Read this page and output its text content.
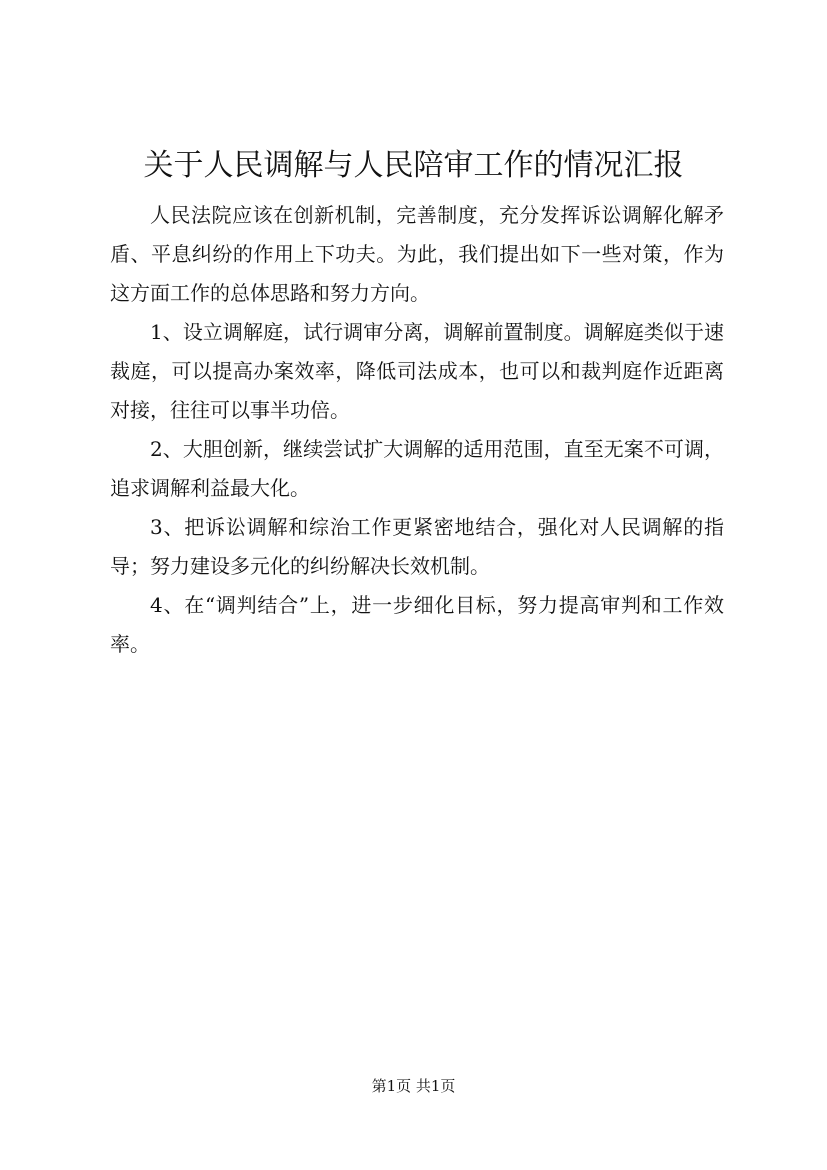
关于人民调解与人民陪审工作的情况汇报

人民法院应该在创新机制，完善制度，充分发挥诉讼调解化解矛盾、平息纠纷的作用上下功夫。为此，我们提出如下一些对策，作为这方面工作的总体思路和努力方向。

1、设立调解庭，试行调审分离，调解前置制度。调解庭类似于速裁庭，可以提高办案效率，降低司法成本，也可以和裁判庭作近距离对接，往往可以事半功倍。

2、大胆创新，继续尝试扩大调解的适用范围，直至无案不可调，追求调解利益最大化。

3、把诉讼调解和综治工作更紧密地结合，强化对人民调解的指导；努力建设多元化的纠纷解决长效机制。

4、在“调判结合”上，进一步细化目标，努力提高审判和工作效率。

第1页 共1页
